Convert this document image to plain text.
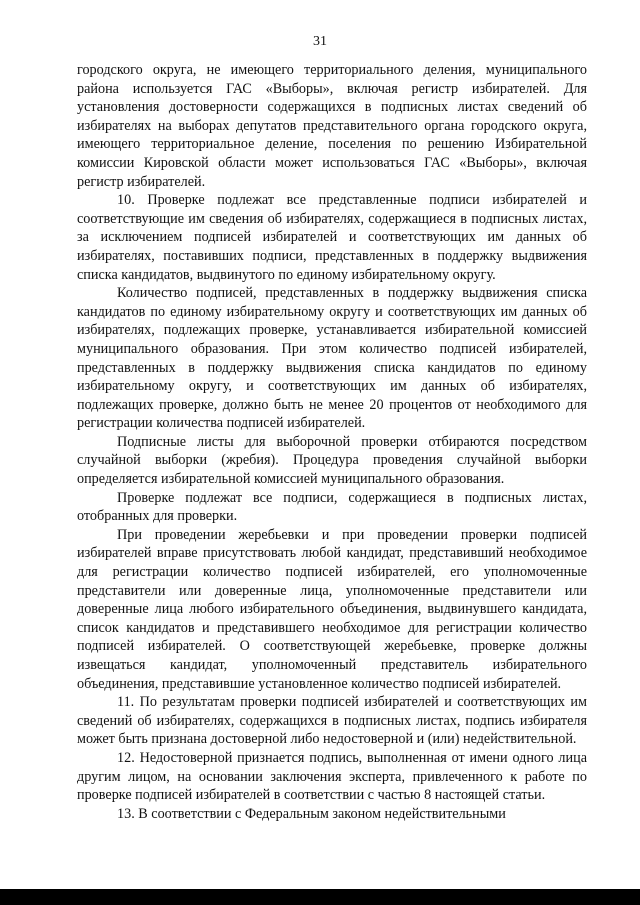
31

городского округа, не имеющего территориального деления, муниципального района используется ГАС «Выборы», включая регистр избирателей. Для установления достоверности содержащихся в подписных листах сведений об избирателях на выборах депутатов представительного органа городского округа, имеющего территориальное деление, поселения по решению Избирательной комиссии Кировской области может использоваться ГАС «Выборы», включая регистр избирателей.

10. Проверке подлежат все представленные подписи избирателей и соответствующие им сведения об избирателях, содержащиеся в подписных листах, за исключением подписей избирателей и соответствующих им данных об избирателях, поставивших подписи, представленных в поддержку выдвижения списка кандидатов, выдвинутого по единому избирательному округу.

Количество подписей, представленных в поддержку выдвижения списка кандидатов по единому избирательному округу и соответствующих им данных об избирателях, подлежащих проверке, устанавливается избирательной комиссией муниципального образования. При этом количество подписей избирателей, представленных в поддержку выдвижения списка кандидатов по единому избирательному округу, и соответствующих им данных об избирателях, подлежащих проверке, должно быть не менее 20 процентов от необходимого для регистрации количества подписей избирателей.

Подписные листы для выборочной проверки отбираются посредством случайной выборки (жребия). Процедура проведения случайной выборки определяется избирательной комиссией муниципального образования.

Проверке подлежат все подписи, содержащиеся в подписных листах, отобранных для проверки.

При проведении жеребьевки и при проведении проверки подписей избирателей вправе присутствовать любой кандидат, представивший необходимое для регистрации количество подписей избирателей, его уполномоченные представители или доверенные лица, уполномоченные представители или доверенные лица любого избирательного объединения, выдвинувшего кандидата, список кандидатов и представившего необходимое для регистрации количество подписей избирателей. О соответствующей жеребьевке, проверке должны извещаться кандидат, уполномоченный представитель избирательного объединения, представившие установленное количество подписей избирателей.

11. По результатам проверки подписей избирателей и соответствующих им сведений об избирателях, содержащихся в подписных листах, подпись избирателя может быть признана достоверной либо недостоверной и (или) недействительной.

12. Недостоверной признается подпись, выполненная от имени одного лица другим лицом, на основании заключения эксперта, привлеченного к работе по проверке подписей избирателей в соответствии с частью 8 настоящей статьи.

13. В соответствии с Федеральным законом недействительными
